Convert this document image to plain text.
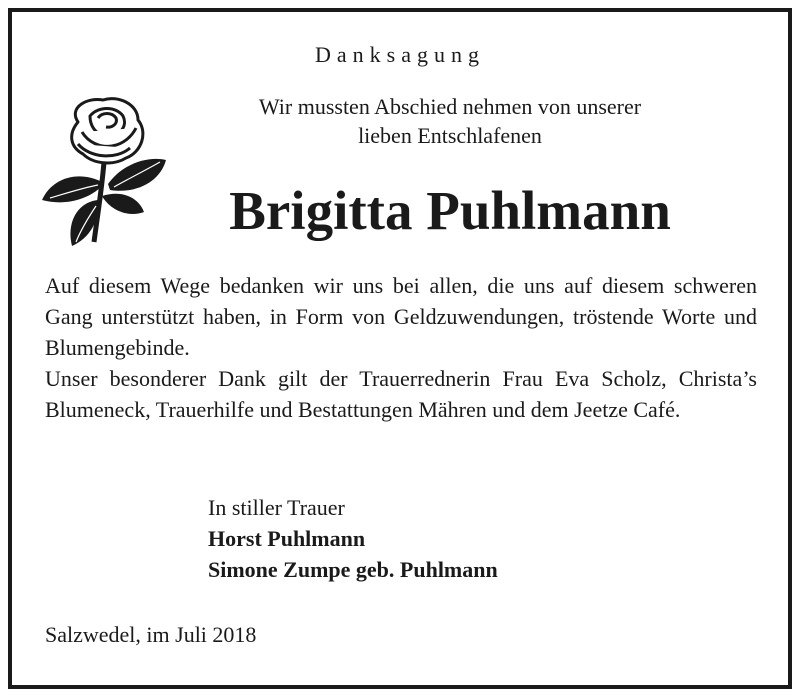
Danksagung
Wir mussten Abschied nehmen von unserer
lieben Entschlafenen
Brigitta Puhlmann

Auf diesem Wege bedanken wir uns bei allen, die uns auf diesem schweren Gang unterstützt haben, in Form von Geldzuwendungen, tröstende Worte und Blumengebinde.

Unser besonderer Dank gilt der Trauerrednerin Frau Eva Scholz, Christa’s Blumeneck, Trauerhilfe und Bestattungen Mähren und dem Jeetze Café.

In stiller Trauer
Horst Puhlmann
Simone Zumpe geb. Puhlmann
Salzwedel, im Juli 2018
